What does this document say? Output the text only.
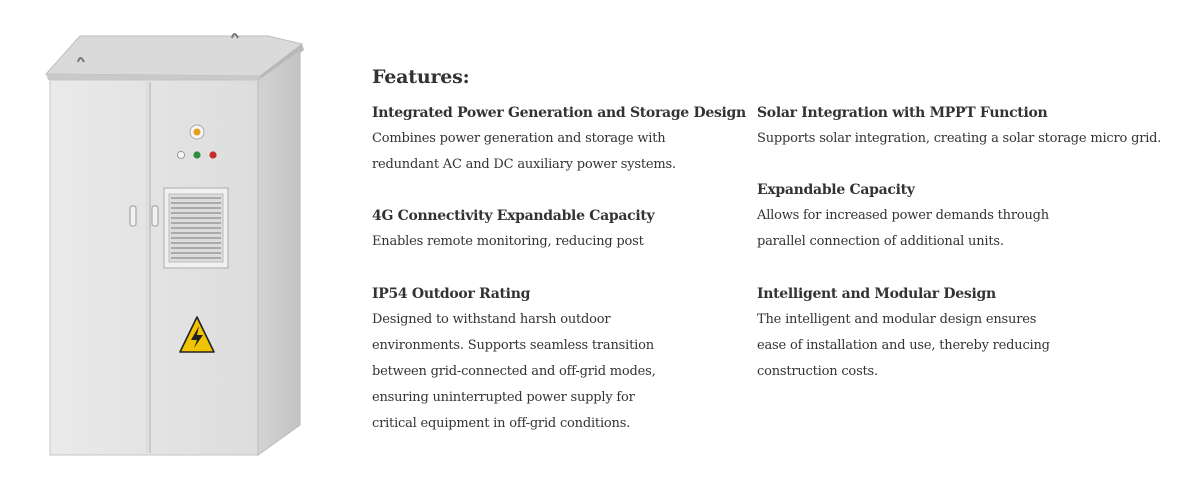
Features:
Integrated Power Generation and Storage Design
Combines power generation and storage with
redundant AC and DC auxiliary power systems.
4G Connectivity Expandable Capacity
Enables remote monitoring, reducing post
IP54 Outdoor Rating
Designed to withstand harsh outdoor
environments. Supports seamless transition
between grid-connected and off-grid modes,
ensuring uninterrupted power supply for
critical equipment in off-grid conditions.
Solar Integration with MPPT Function
Supports solar integration, creating a solar storage micro grid.
Expandable Capacity
Allows for increased power demands through
parallel connection of additional units.
Intelligent and Modular Design
The intelligent and modular design ensures
ease of installation and use, thereby reducing
construction costs.
